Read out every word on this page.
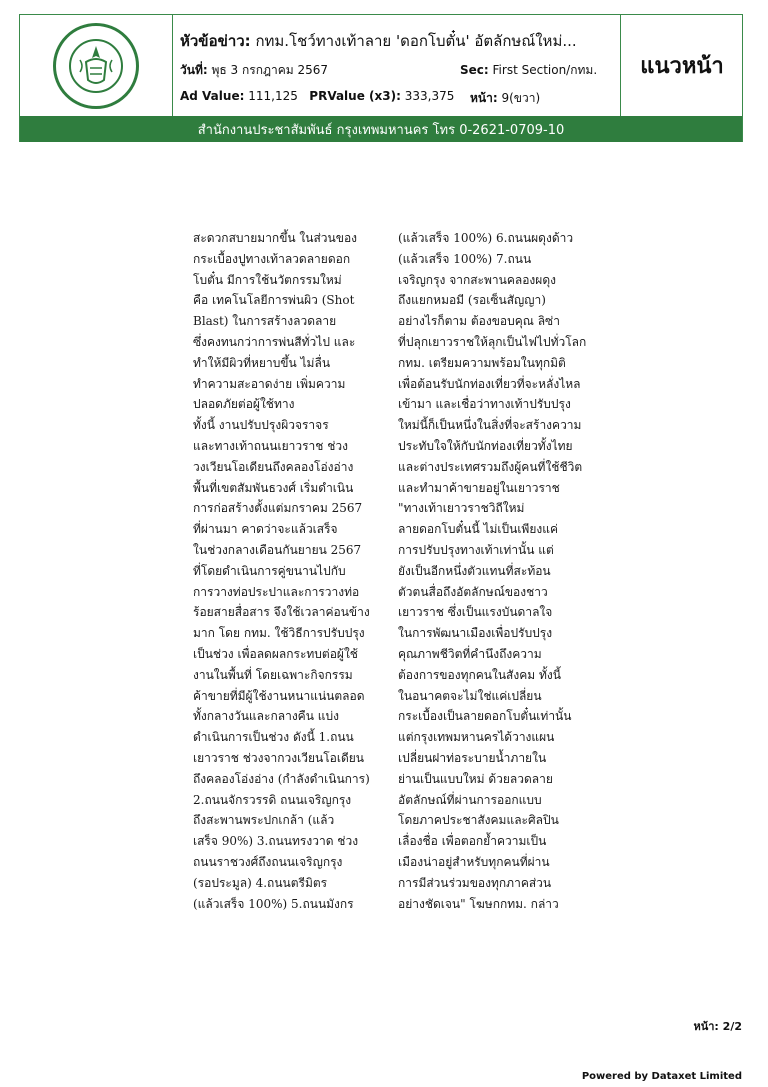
หัวข้อข่าว: กทม.โชว์ทางเท้าลาย 'ดอกโบตั๋น' อัตลักษณ์ใหม่...
วันที่: พุธ 3 กรกฎาคม 2567	Sec: First Section/กทม.
Ad Value: 111,125 PRValue (x3): 333,375 หน้า: 9(ขวา)
แนวหน้า
สำนักงานประชาสัมพันธ์ กรุงเทพมหานคร โทร 0-2621-0709-10

สะดวกสบายมากขึ้น ในส่วนของ

กระเบื้องปูทางเท้าลวดลายดอก

โบตั๋น มีการใช้นวัตกรรมใหม่

คือ เทคโนโลยีการพ่นผิว (Shot

Blast) ในการสร้างลวดลาย

ซึ่งคงทนกว่าการพ่นสีทั่วไป และ

ทำให้มีผิวที่หยาบขึ้น ไม่ลื่น

ทำความสะอาดง่าย เพิ่มความ

ปลอดภัยต่อผู้ใช้ทาง

ทั้งนี้ งานปรับปรุงผิวจราจร

และทางเท้าถนนเยาวราช ช่วง

วงเวียนโอเดียนถึงคลองโอ่งอ่าง

พื้นที่เขตสัมพันธวงศ์ เริ่มดำเนิน

การก่อสร้างตั้งแต่มกราคม 2567

ที่ผ่านมา คาดว่าจะแล้วเสร็จ

ในช่วงกลางเดือนกันยายน 2567

ที่โดยดำเนินการคู่ขนานไปกับ

การวางท่อประปาและการวางท่อ

ร้อยสายสื่อสาร จึงใช้เวลาค่อนข้าง

มาก โดย กทม. ใช้วิธีการปรับปรุง

เป็นช่วง เพื่อลดผลกระทบต่อผู้ใช้

งานในพื้นที่ โดยเฉพาะกิจกรรม

ค้าขายที่มีผู้ใช้งานหนาแน่นตลอด

ทั้งกลางวันและกลางคืน แบ่ง

ดำเนินการเป็นช่วง ดังนี้ 1.ถนน

เยาวราช ช่วงจากวงเวียนโอเดียน

ถึงคลองโอ่งอ่าง (กำลังดำเนินการ)

2.ถนนจักรวรรดิ ถนนเจริญกรุง

ถึงสะพานพระปกเกล้า (แล้ว

เสร็จ 90%) 3.ถนนทรงวาด ช่วง

ถนนราชวงศ์ถึงถนนเจริญกรุง

(รอประมูล) 4.ถนนตรีมิตร

(แล้วเสร็จ 100%) 5.ถนนมังกร

(แล้วเสร็จ 100%) 6.ถนนผดุงด้าว

(แล้วเสร็จ 100%) 7.ถนน

เจริญกรุง จากสะพานคลองผดุง

ถึงแยกหมอมี (รอเซ็นสัญญา)

อย่างไรก็ตาม ต้องขอบคุณ ลิซ่า

ที่ปลุกเยาวราชให้ลุกเป็นไฟไปทั่วโลก

กทม. เตรียมความพร้อมในทุกมิติ

เพื่อต้อนรับนักท่องเที่ยวที่จะหลั่งไหล

เข้ามา และเชื่อว่าทางเท้าปรับปรุง

ใหม่นี้ก็เป็นหนึ่งในสิ่งที่จะสร้างความ

ประทับใจให้กับนักท่องเที่ยวทั้งไทย

และต่างประเทศรวมถึงผู้คนที่ใช้ชีวิต

และทำมาค้าขายอยู่ในเยาวราช

"ทางเท้าเยาวราชวิถีใหม่

ลายดอกโบตั๋นนี้ ไม่เป็นเพียงแค่

การปรับปรุงทางเท้าเท่านั้น แต่

ยังเป็นอีกหนึ่งตัวแทนที่สะท้อน

ตัวตนสื่อถึงอัตลักษณ์ของชาว

เยาวราช ซึ่งเป็นแรงบันดาลใจ

ในการพัฒนาเมืองเพื่อปรับปรุง

คุณภาพชีวิตที่คำนึงถึงความ

ต้องการของทุกคนในสังคม ทั้งนี้

ในอนาคตจะไม่ใช่แค่เปลี่ยน

กระเบื้องเป็นลายดอกโบตั๋นเท่านั้น

แต่กรุงเทพมหานครได้วางแผน

เปลี่ยนฝาท่อระบายน้ำภายใน

ย่านเป็นแบบใหม่ ด้วยลวดลาย

อัตลักษณ์ที่ผ่านการออกแบบ

โดยภาคประชาสังคมและศิลปิน

เลื่องชื่อ เพื่อตอกย้ำความเป็น

เมืองน่าอยู่สำหรับทุกคนที่ผ่าน

การมีส่วนร่วมของทุกภาคส่วน

อย่างชัดเจน" โฆษกกทม. กล่าว

หน้า: 2/2
Powered by Dataxet Limited
